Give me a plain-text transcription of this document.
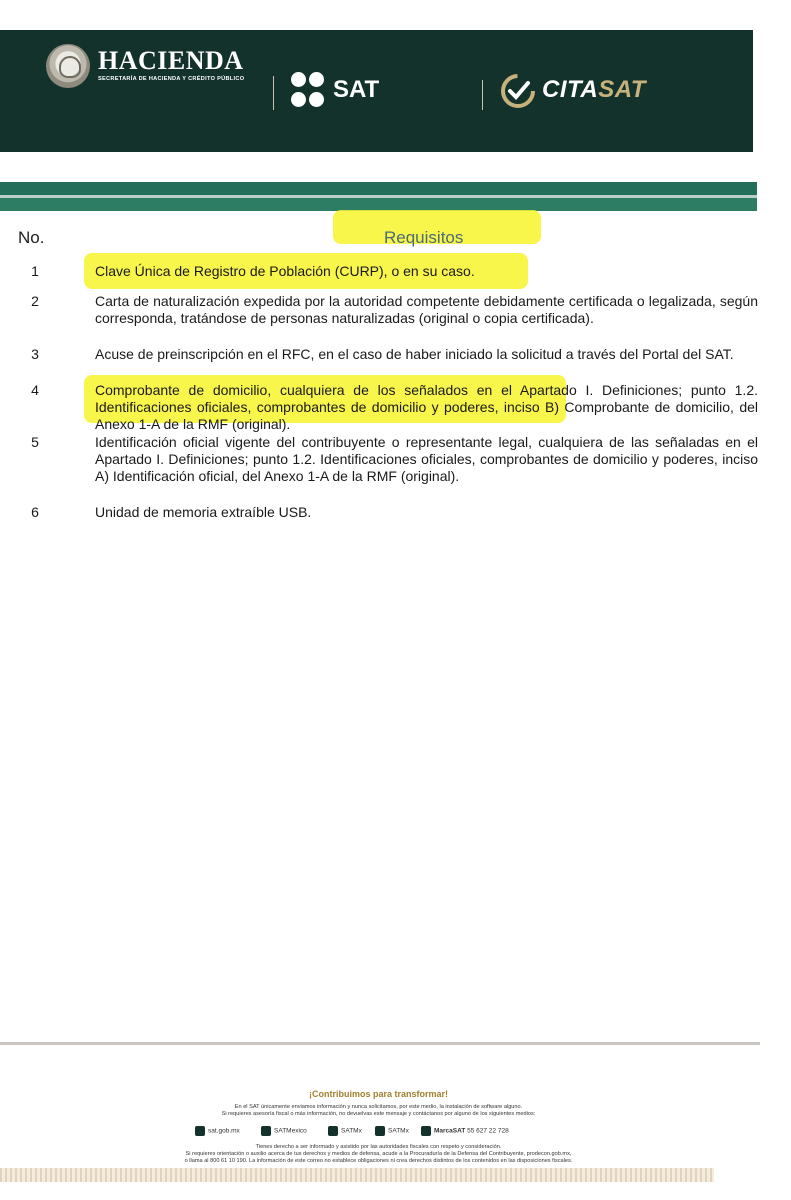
HACIENDA
SECRETARÍA DE HACIENDA Y CRÉDITO PÚBLICO	SAT	CITASAT
No.	Requisitos
1	Clave Única de Registro de Población (CURP), o en su caso.
2	Carta de naturalización expedida por la autoridad competente debidamente certificada o legalizada, según corresponda, tratándose de personas naturalizadas (original o copia certificada).
3	Acuse de preinscripción en el RFC, en el caso de haber iniciado la solicitud a través del Portal del SAT.
4	Comprobante de domicilio, cualquiera de los señalados en el Apartado I. Definiciones; punto 1.2. Identificaciones oficiales, comprobantes de domicilio y poderes, inciso B) Comprobante de domicilio, del Anexo 1-A de la RMF (original).
5	Identificación oficial vigente del contribuyente o representante legal, cualquiera de las señaladas en el Apartado I. Definiciones; punto 1.2. Identificaciones oficiales, comprobantes de domicilio y poderes, inciso A) Identificación oficial, del Anexo 1-A de la RMF (original).
6	Unidad de memoria extraíble USB.
¡Contribuimos para transformar!
En el SAT únicamente enviamos información y nunca solicitamos, por este medio, la instalación de software alguno.
Si requieres asesoría fiscal o más información, no devuelvas este mensaje y contáctanos por alguno de los siguientes medios:
sat.gob.mx	SATMexico	SATMx	SATMx	MarcaSAT 55 627 22 728
Tienes derecho a ser informado y asistido por las autoridades fiscales con respeto y consideración.
Si requieres orientación o auxilio acerca de tus derechos y medios de defensa, acude a la Procuraduría de la Defensa del Contribuyente, prodecon.gob.mx,
o llama al 800 61 10 190. La información de este correo no establece obligaciones ni crea derechos distintos de los contenidos en las disposiciones fiscales.
